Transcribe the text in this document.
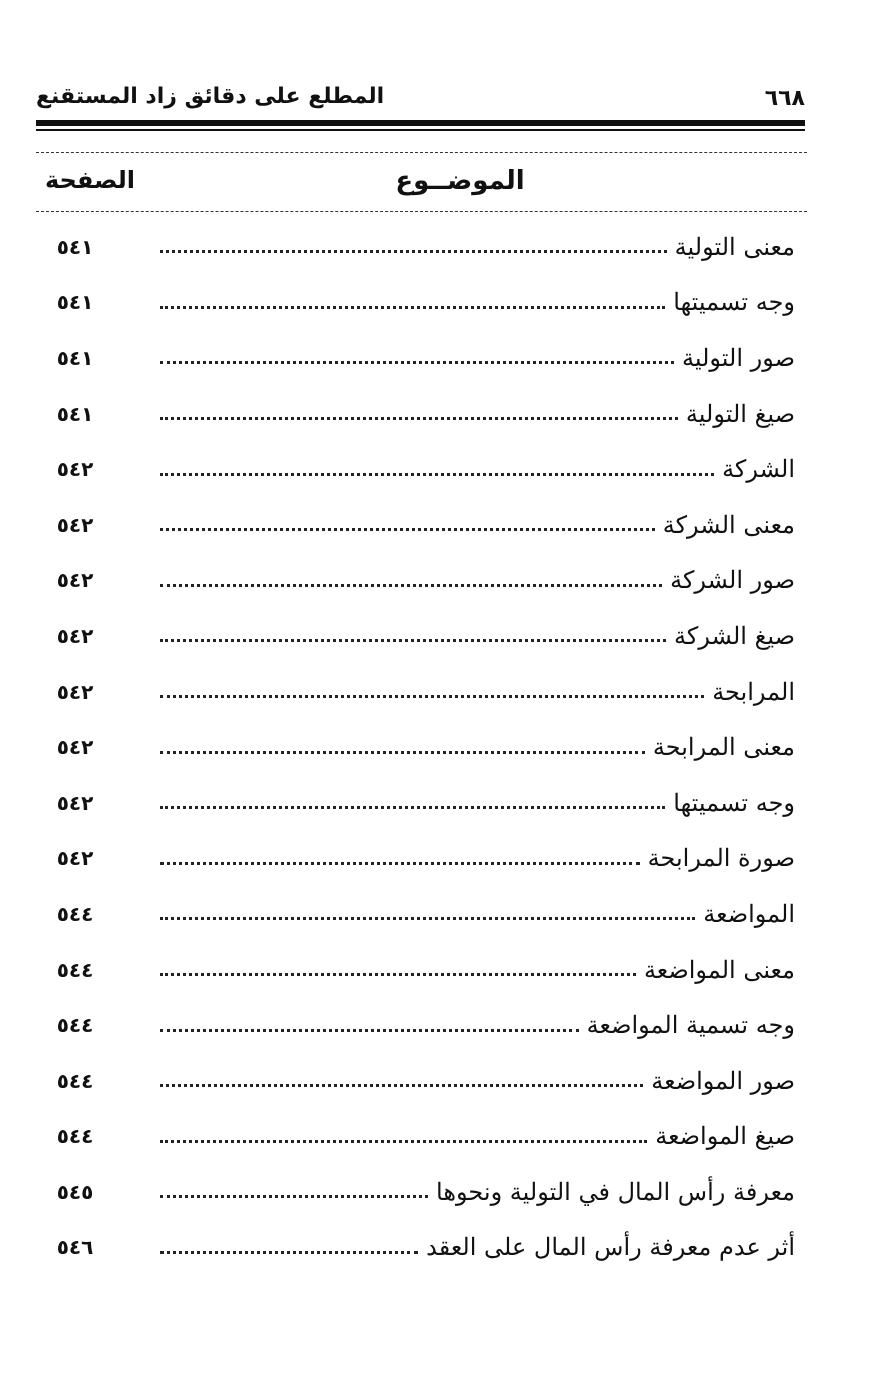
٦٦٨
المطلع على دقائق زاد المستقنع
الموضــوع
الصفحة
معنى التولية
٥٤١
وجه تسميتها
٥٤١
صور التولية
٥٤١
صيغ التولية
٥٤١
الشركة
٥٤٢
معنى الشركة
٥٤٢
صور الشركة
٥٤٢
صيغ الشركة
٥٤٢
المرابحة
٥٤٢
معنى المرابحة
٥٤٢
وجه تسميتها
٥٤٢
صورة المرابحة
٥٤٢
المواضعة
٥٤٤
معنى المواضعة
٥٤٤
وجه تسمية المواضعة
٥٤٤
صور المواضعة
٥٤٤
صيغ المواضعة
٥٤٤
معرفة رأس المال في التولية ونحوها
٥٤٥
أثر عدم معرفة رأس المال على العقد
٥٤٦
